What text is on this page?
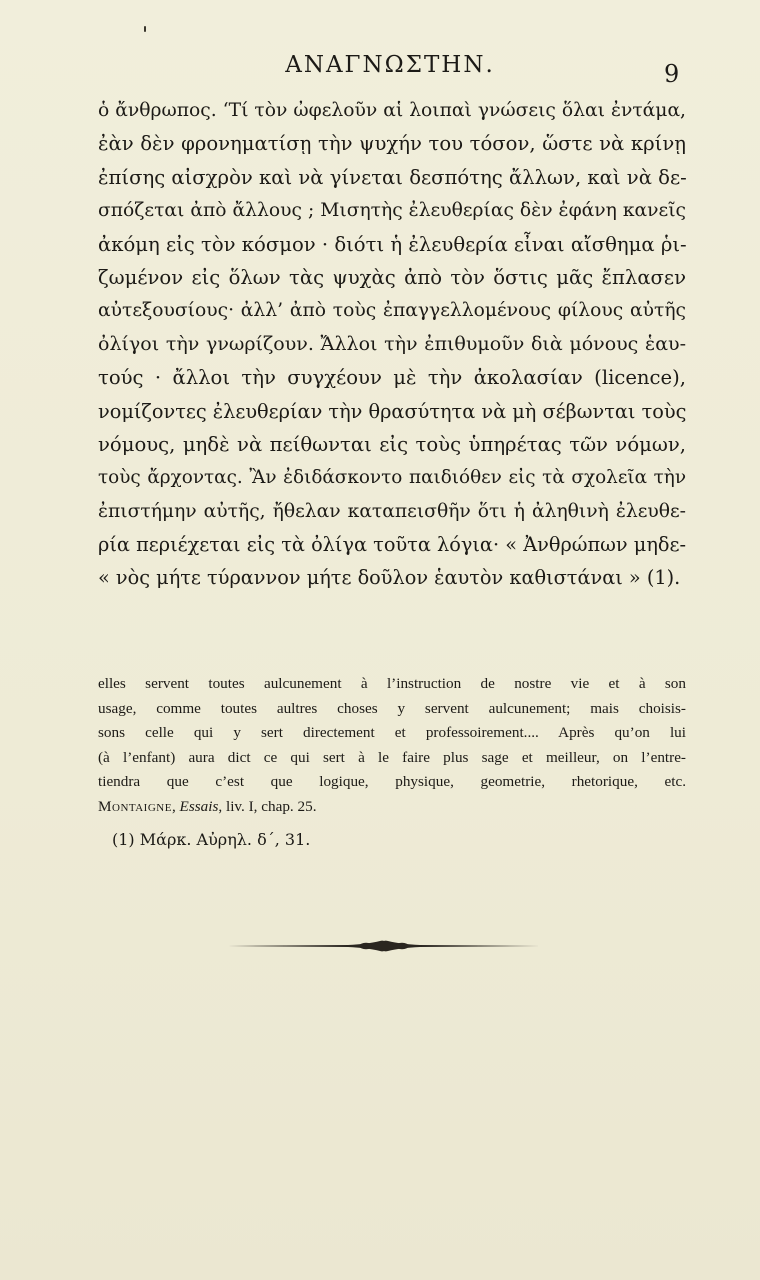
ΑΝΑΓΝΩΣΤΗΝ.	9
ὁ ἄνθρωπος. ‘Τί τὸν ὠφελοῦν αἱ λοιπαὶ γνώσεις ὅλαι ἐντάμα,
ἐὰν δὲν φρονηματίσῃ τὴν ψυχήν του τόσον, ὥστε νὰ κρίνῃ
ἐπίσης αἰσχρὸν καὶ νὰ γίνεται δεσπότης ἄλλων, καὶ νὰ δε-
σπόζεται ἀπὸ ἄλλους ; Μισητὴς ἐλευθερίας δὲν ἐφάνη κανεῖς
ἀκόμη εἰς τὸν κόσμον · διότι ἡ ἐλευθερία εἶναι αἴσθημα ῥι-
ζωμένον εἰς ὅλων τὰς ψυχὰς ἀπὸ τὸν ὅστις μᾶς ἔπλασεν
αὐτεξουσίους· ἀλλ’ ἀπὸ τοὺς ἐπαγγελλομένους φίλους αὐτῆς
ὀλίγοι τὴν γνωρίζουν. Ἄλλοι τὴν ἐπιθυμοῦν διὰ μόνους ἑαυ-
τούς · ἄλλοι τὴν συγχέουν μὲ τὴν ἀκολασίαν (licence),
νομίζοντες ἐλευθερίαν τὴν θρασύτητα νὰ μὴ σέβωνται τοὺς
νόμους, μηδὲ νὰ πείθωνται εἰς τοὺς ὑπηρέτας τῶν νόμων,
τοὺς ἄρχοντας. Ἂν ἐδιδάσκοντο παιδιόθεν εἰς τὰ σχολεῖα τὴν
ἐπιστήμην αὐτῆς, ἤθελαν καταπεισθῆν ὅτι ἡ ἀληθινὴ ἐλευθε-
ρία περιέχεται εἰς τὰ ὀλίγα τοῦτα λόγια· « Ἀνθρώπων μηδε-
« νὸς μήτε τύραννον μήτε δοῦλον ἑαυτὸν καθιστάναι » (1).
elles servent toutes aulcunement à l’instruction de nostre vie et à son
usage, comme toutes aultres choses y servent aulcunement; mais choisis-
sons celle qui y sert directement et professoirement.... Après qu’on lui
(à l’enfant) aura dict ce qui sert à le faire plus sage et meilleur, on l’entre-
tiendra que c’est que logique, physique, geometrie, rhetorique, etc.
Montaigne, Essais, liv. I, chap. 25.
(1) Μάρκ. Αὐρηλ. δ΄, 31.
